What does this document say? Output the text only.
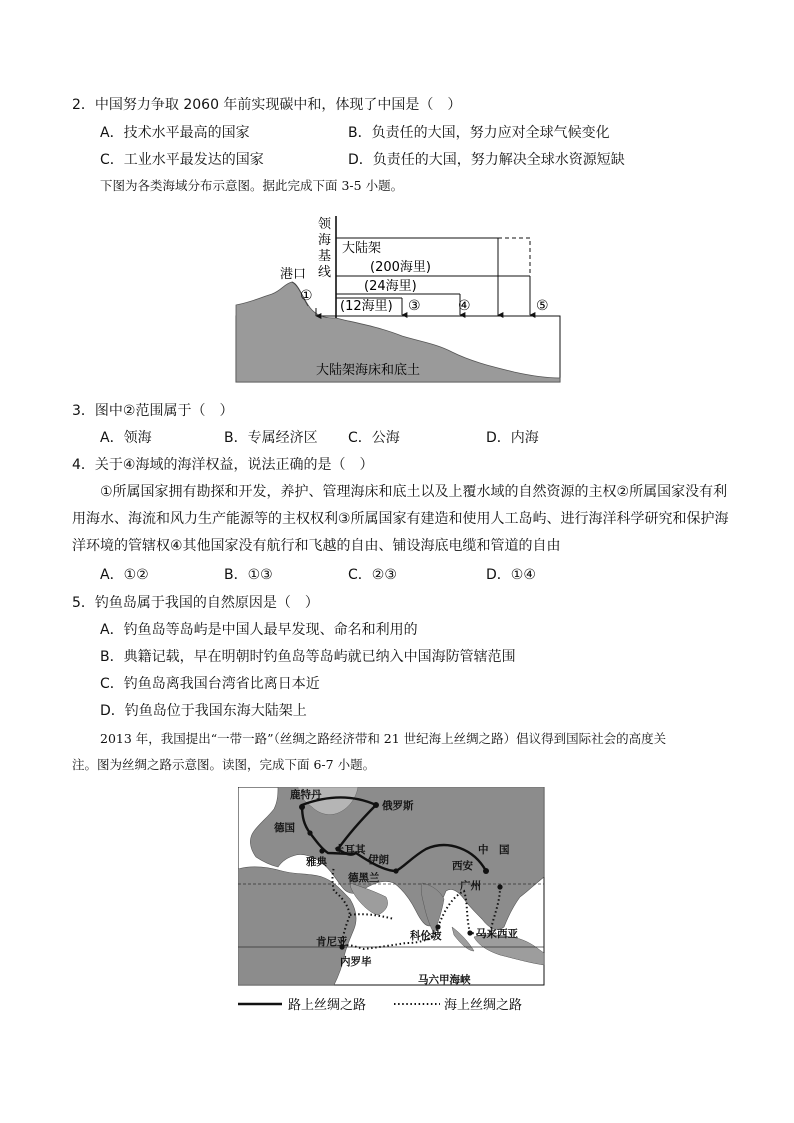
2．中国努力争取 2060 年前实现碳中和，体现了中国是（　）
A．技术水平最高的国家	B．负责任的大国，努力应对全球气候变化
C．工业水平最发达的国家	D．负责任的大国，努力解决全球水资源短缺
下图为各类海域分布示意图。据此完成下面 3-5 小题。
领
海
基
线
港口
大陆架
(200海里)
(24海里)
(12海里)
①
③	④	⑤
大陆架海床和底土
3．图中②范围属于（　）
A．领海	B．专属经济区 C．公海	D．内海
4．关于④海域的海洋权益，说法正确的是（　）
①所属国家拥有勘探和开发，养护、管理海床和底土以及上覆水域的自然资源的主权②所属国家没有利用海水、海流和风力生产能源等的主权权利③所属国家有建造和使用人工岛屿、进行海洋科学研究和保护海洋环境的管辖权④其他国家没有航行和飞越的自由、铺设海底电缆和管道的自由
A．①②	B．①③	C．②③	D．①④
5．钓鱼岛属于我国的自然原因是（　）
A．钓鱼岛等岛屿是中国人最早发现、命名和利用的
B．典籍记载，早在明朝时钓鱼岛等岛屿就已纳入中国海防管辖范围
C．钓鱼岛离我国台湾省比离日本近
D．钓鱼岛位于我国东海大陆架上
2013 年，我国提出“一带一路”（丝绸之路经济带和 21 世纪海上丝绸之路）倡议得到国际社会的高度关
注。图为丝绸之路示意图。读图，完成下面 6-7 小题。
鹿特丹
俄罗斯
德国
土耳其
雅典	伊朗
中　国
西安
德黑兰
广州
科伦坡
肯尼亚
马来西亚
内罗毕
马六甲海峡
路上丝绸之路	海上丝绸之路
